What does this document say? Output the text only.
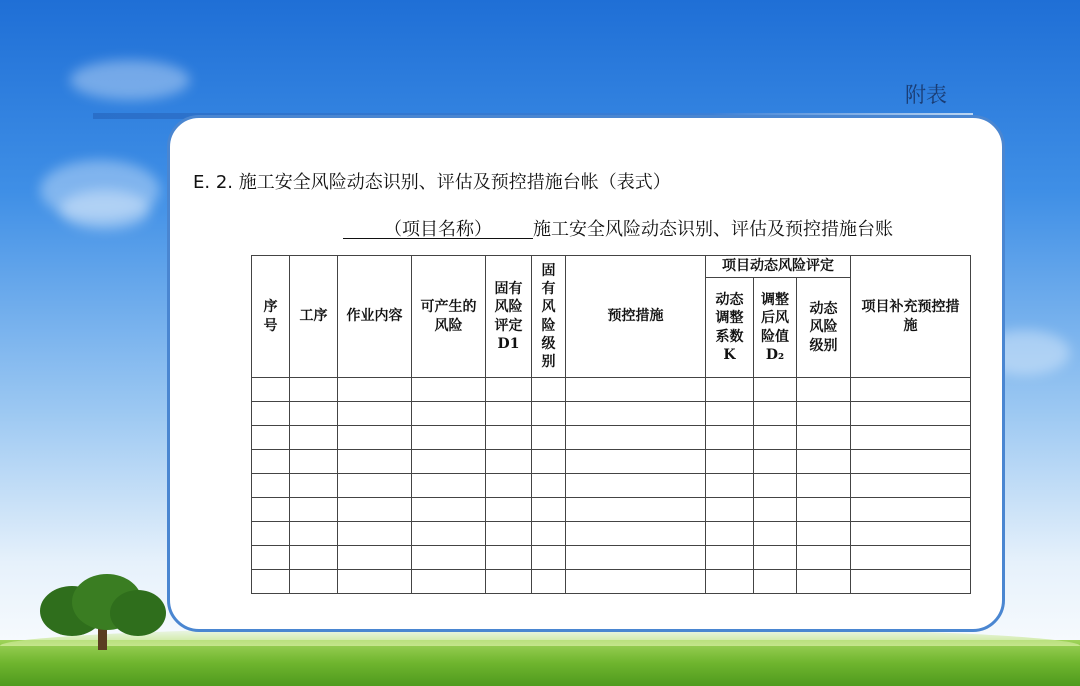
附表
E. 2. 施工安全风险动态识别、评估及预控措施台帐（表式）
（项目名称）	施工安全风险动态识别、评估及预控措施台账
序号	工序	作业内容	可产生的风险	固有风险评定D1	固有风险级别	预控措施	项目动态风险评定			项目补充预控措施

							动态调整系数K	调整后风险值D₂	动态风险级别	
